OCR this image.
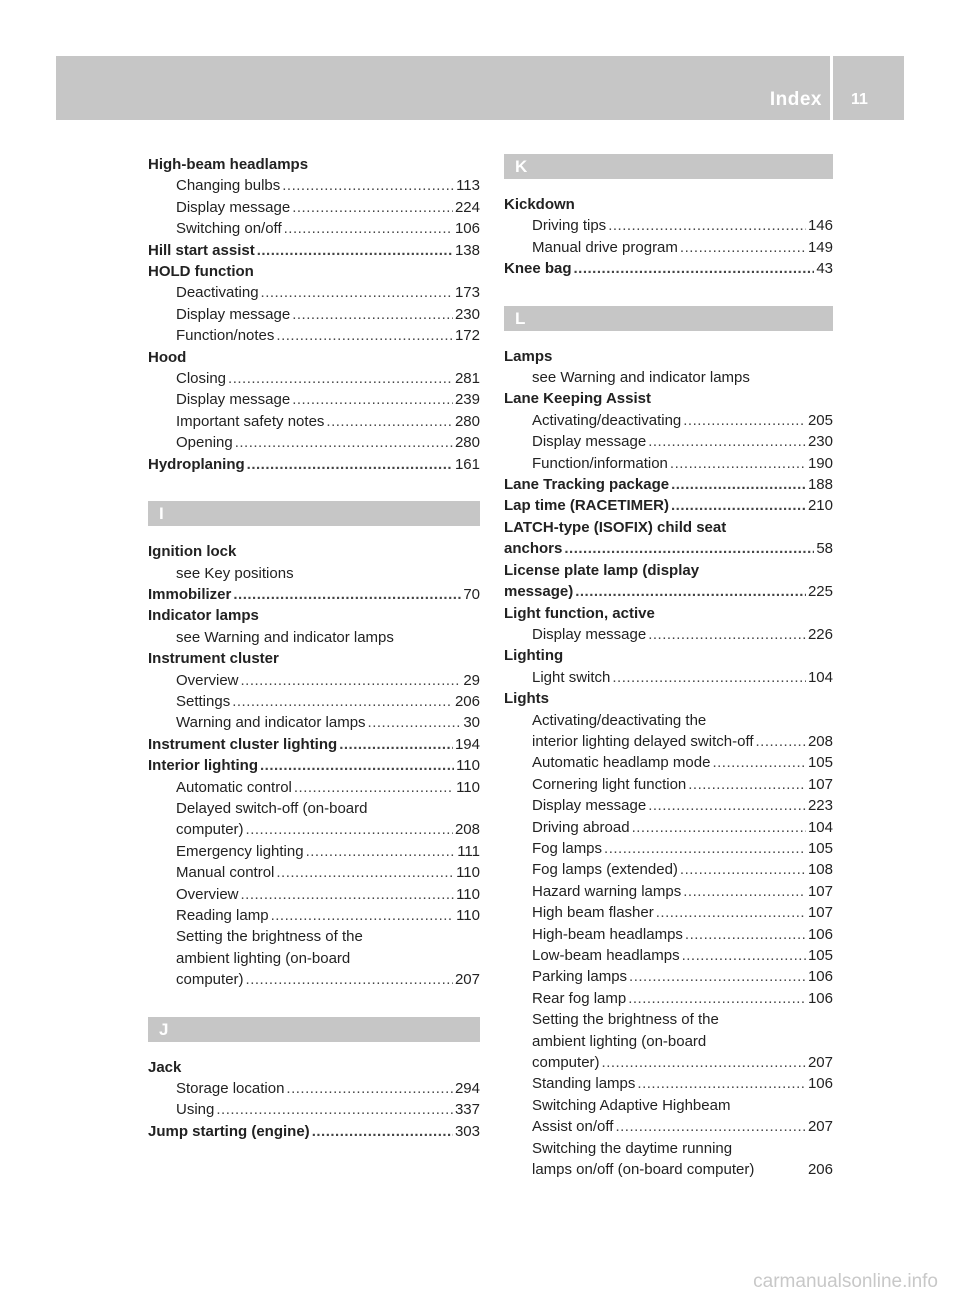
Index 11
High-beam headlamps
Changing bulbs .....	113
Display message .....	224
Switching on/off .....	106
Hill start assist .....	138
HOLD function
Deactivating .....	173
Display message .....	230
Function/notes .....	172
Hood
Closing .....	281
Display message .....	239
Important safety notes .....	280
Opening .....	280
Hydroplaning .....	161
I
Ignition lock
see Key positions
Immobilizer .....	70
Indicator lamps
see Warning and indicator lamps
Instrument cluster
Overview .....	29
Settings .....	206
Warning and indicator lamps .....	30
Instrument cluster lighting .....	194
Interior lighting .....	110
Automatic control .....	110
Delayed switch-off (on-board
computer) .....	208
Emergency lighting .....	111
Manual control .....	110
Overview .....	110
Reading lamp .....	110
Setting the brightness of the
ambient lighting (on-board
computer) .....	207
J
Jack
Storage location .....	294
Using .....	337
Jump starting (engine) .....	303
K
Kickdown
Driving tips .....	146
Manual drive program .....	149
Knee bag .....	43
L
Lamps
see Warning and indicator lamps
Lane Keeping Assist
Activating/deactivating .....	205
Display message .....	230
Function/information .....	190
Lane Tracking package .....	188
Lap time (RACETIMER) .....	210
LATCH-type (ISOFIX) child seat
anchors .....	58
License plate lamp (display
message) .....	225
Light function, active
Display message .....	226
Lighting
Light switch .....	104
Lights
Activating/deactivating the
interior lighting delayed switch-off .....	208
Automatic headlamp mode .....	105
Cornering light function .....	107
Display message .....	223
Driving abroad .....	104
Fog lamps .....	105
Fog lamps (extended) .....	108
Hazard warning lamps .....	107
High beam flasher .....	107
High-beam headlamps .....	106
Low-beam headlamps .....	105
Parking lamps .....	106
Rear fog lamp .....	106
Setting the brightness of the
ambient lighting (on-board
computer) .....	207
Standing lamps .....	106
Switching Adaptive Highbeam
Assist on/off .....	207
Switching the daytime running
lamps on/off (on-board computer)	206
carmanualsonline.info
